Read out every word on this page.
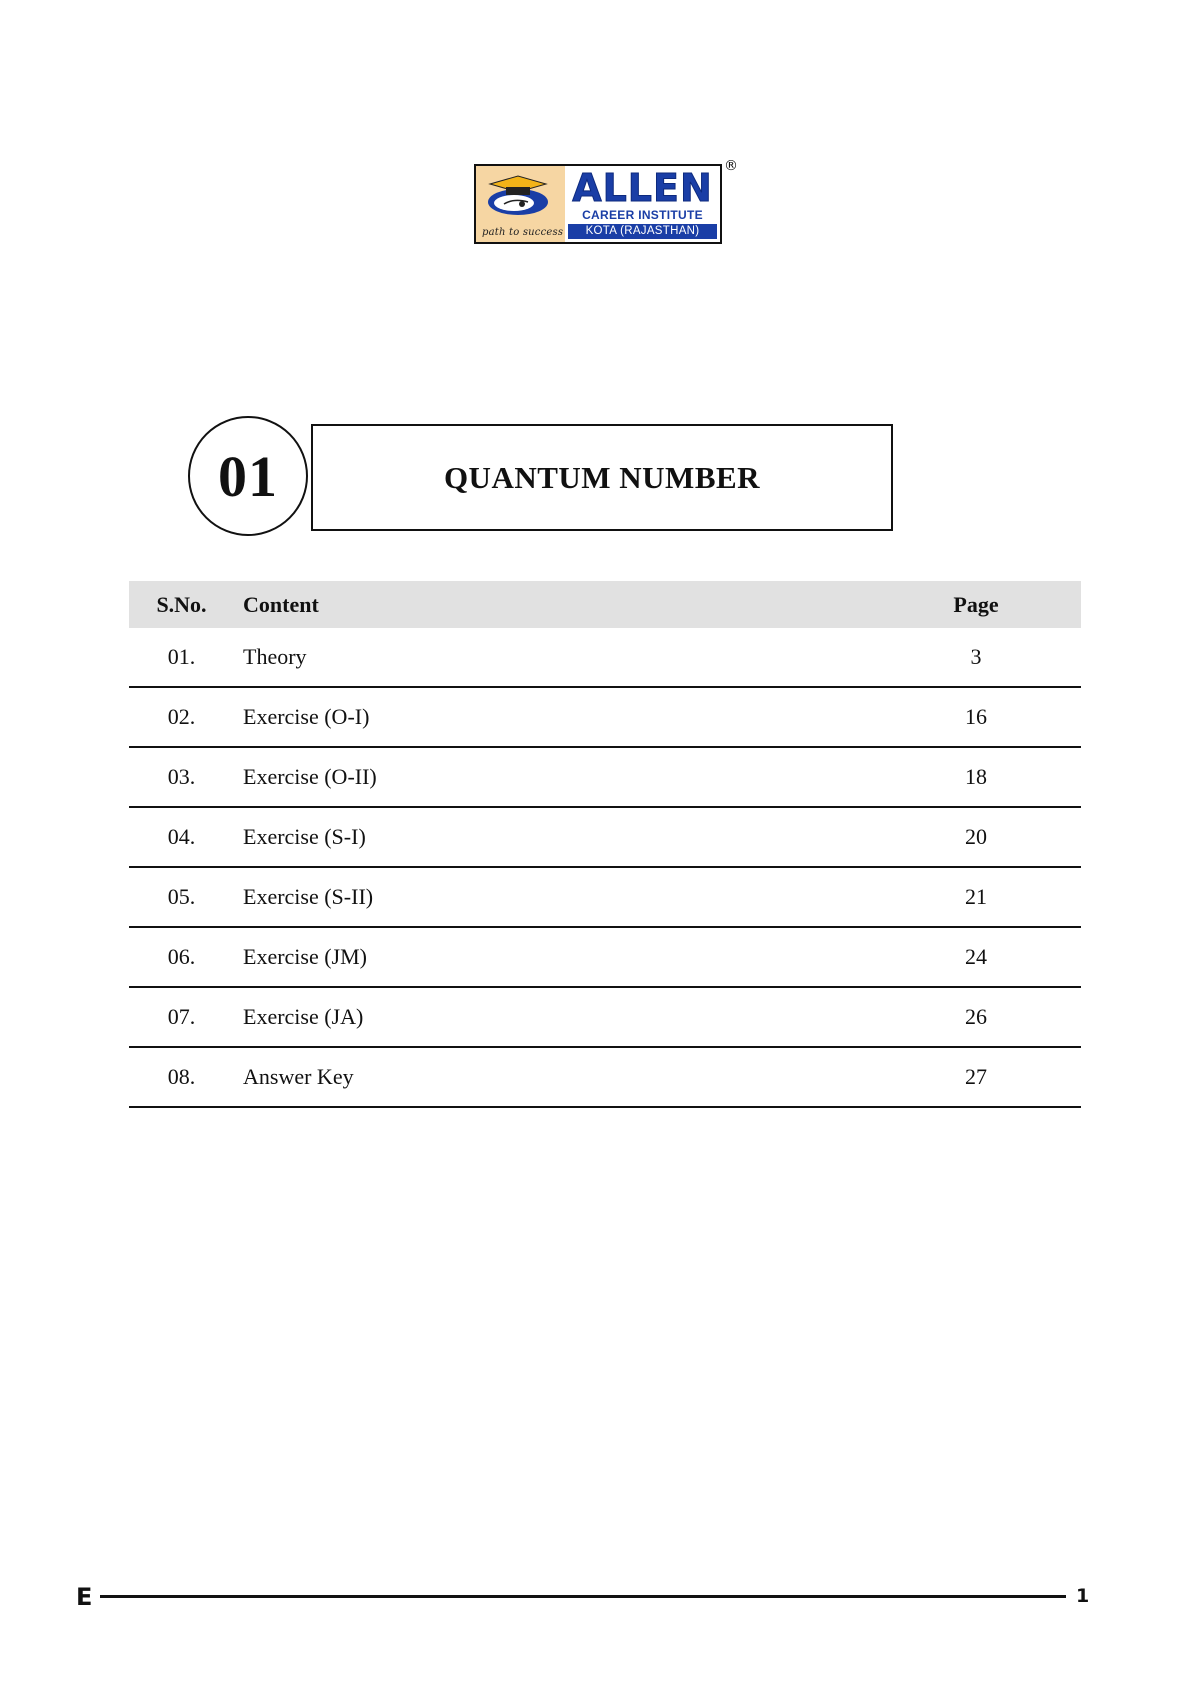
path to success
ALLEN
CAREER INSTITUTE
KOTA (RAJASTHAN)
®
01	QUANTUM NUMBER
S.No.	Content	Page
01.	Theory	3
02.	Exercise (O-I)	16
03.	Exercise (O-II)	18
04.	Exercise (S-I)	20
05.	Exercise (S-II)	21
06.	Exercise (JM)	24
07.	Exercise (JA)	26
08.	Answer Key	27
E	1
